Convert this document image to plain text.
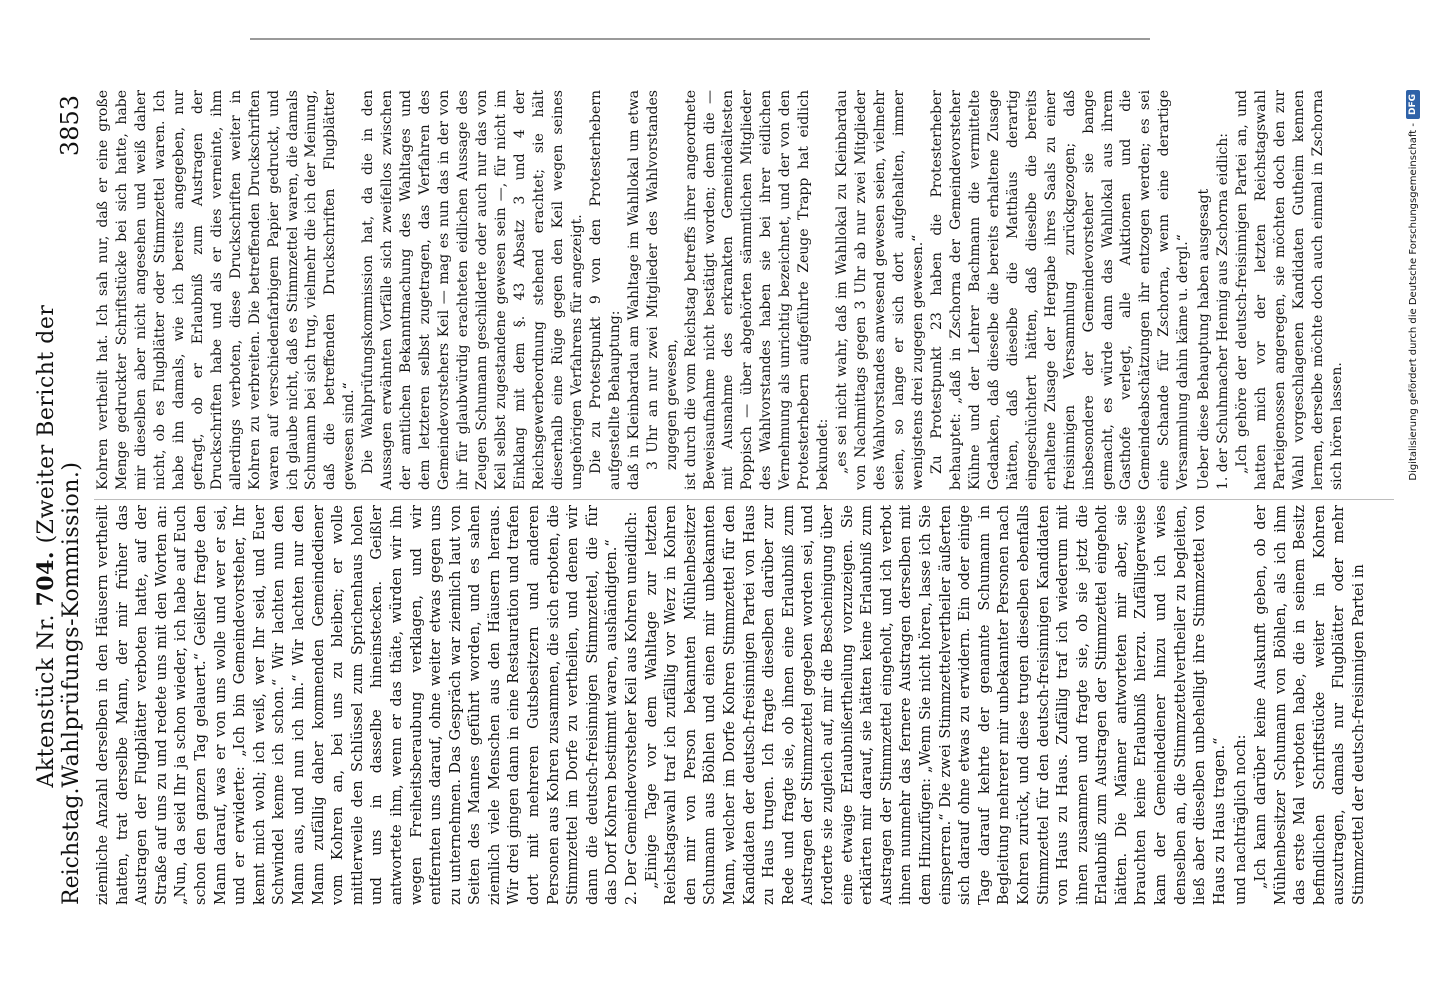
Reichstag.
Aktenstück Nr. 704. (Zweiter Bericht der Wahlprüfungs-Kommission.)
3853

ziemliche Anzahl derselben in den Häusern vertheilt hatten, trat derselbe Mann, der mir früher das Austragen der Flugblätter verboten hatte, auf der Straße auf uns zu und redete uns mit den Worten an: „Nun, da seid Ihr ja schon wieder, ich habe auf Euch schon den ganzen Tag gelauert.“ Geißler fragte den Mann darauf, was er von uns wolle und wer er sei, und er erwiderte: „Ich bin Gemeindevorsteher, Ihr kennt mich wohl; ich weiß, wer Ihr seid, und Euer Schwindel kenne ich schon.“ Wir lachten nun den Mann aus, und nun ich hin.“ Wir lachten nur den Mann zufällig daher kommenden Gemeindediener vom Kohren an, bei uns zu bleiben; er wolle mittlerweile den Schlüssel zum Sprichenhaus holen und uns in dasselbe hineinstecken. Geißler antwortete ihm, wenn er das thäte, würden wir ihn wegen Freiheitsberaubung verklagen, und wir entfernten uns darauf, ohne weiter etwas gegen uns zu unternehmen. Das Gespräch war ziemlich laut von Seiten des Mannes geführt worden, und es sahen ziemlich viele Menschen aus den Häusern heraus. Wir drei gingen dann in eine Restauration und trafen dort mit mehreren Gutsbesitzern und anderen Personen aus Kohren zusammen, die sich erboten, die Stimmzettel im Dorfe zu vertheilen, und denen wir dann die deutsch-freisinnigen Stimmzettel, die für das Dorf Kohren bestimmt waren, aushändigten.“ 2. Der Gemeindevorsteher Keil aus Kohren uneidlich: „Einige Tage vor dem Wahltage zur letzten Reichstagswahl traf ich zufällig vor Werz in Kohren den mir von Person bekannten Mühlenbesitzer Schumann aus Böhlen und einen mir unbekannten Mann, welcher im Dorfe Kohren Stimmzettel für den Kandidaten der deutsch-freisinnigen Partei von Haus zu Haus trugen. Ich fragte dieselben darüber zur Rede und fragte sie, ob ihnen eine Erlaubniß zum Austragen der Stimmzettel gegeben worden sei, und forderte sie zugleich auf, mir die Bescheinigung über eine etwaige Erlaubnißertheilung vorzuzeigen. Sie erklärten mir darauf, sie hätten keine Erlaubniß zum Austragen der Stimmzettel eingeholt, und ich verbot ihnen nunmehr das fernere Austragen derselben mit dem Hinzufügen: „Wenn Sie nicht hören, lasse ich Sie einsperren.“ Die zwei Stimmzettelvertheiler äußerten sich darauf ohne etwas zu erwidern. Ein oder einige Tage darauf kehrte der genannte Schumann in Begleitung mehrerer mir unbekannter Personen nach Kohren zurück, und diese trugen dieselben ebenfalls Stimmzettel für den deutsch-freisinnigen Kandidaten von Haus zu Haus. Zufällig traf ich wiederum mit ihnen zusammen und fragte sie, ob sie jetzt die Erlaubniß zum Austragen der Stimmzettel eingeholt hätten. Die Männer antworteten mir aber, sie brauchten keine Erlaubniß hierzu. Zufälligerweise kam der Gemeindediener hinzu und ich wies denselben an, die Stimmzettelvertheiler zu begleiten, ließ aber dieselben unbehelligt ihre Stimmzettel von Haus zu Haus tragen.“ und nachträglich noch: „Ich kann darüber keine Auskunft geben, ob der Mühlenbesitzer Schumann von Böhlen, als ich ihm das erste Mal verboten habe, die in seinem Besitz befindlichen Schriftstücke weiter in Kohren auszutragen, damals nur Flugblätter oder mehr Stimmzettel der deutsch-freisinnigen Partei in

Kohren vertheilt hat. Ich sah nur, daß er eine große Menge gedruckter Schriftstücke bei sich hatte, habe mir dieselben aber nicht angesehen und weiß daher nicht, ob es Flugblätter oder Stimmzettel waren. Ich habe ihn damals, wie ich bereits angegeben, nur gefragt, ob er Erlaubniß zum Austragen der Druckschriften habe und als er dies verneinte, ihm allerdings verboten, diese Druckschriften weiter in Kohren zu verbreiten. Die betreffenden Druckschriften waren auf verschiedenfarbigem Papier gedruckt, und ich glaube nicht, daß es Stimmzettel waren, die damals Schumann bei sich trug, vielmehr die ich der Meinung, daß die betreffenden Druckschriften Flugblätter gewesen sind.“ Die Wahlprüfungskommission hat, da die in den Aussagen erwähnten Vorfälle sich zweifellos zwischen der amtlichen Bekanntmachung des Wahltages und dem letzteren selbst zugetragen, das Verfahren des Gemeindevorstehers Keil — mag es nun das in der von ihr für glaubwürdig erachteten eidlichen Aussage des Zeugen Schumann geschilderte oder auch nur das von Keil selbst zugestandene gewesen sein —, für nicht im Einklang mit dem §. 43 Absatz 3 und 4 der Reichsgewerbeordnung stehend erachtet; sie hält dieserhalb eine Rüge gegen den Keil wegen seines ungehörigen Verfahrens für angezeigt. Die zu Protestpunkt 9 von den Protesterhebern aufgestellte Behauptung: daß in Kleinbardau am Wahltage im Wahllokal um etwa 3 Uhr an nur zwei Mitglieder des Wahlvorstandes zugegen gewesen, ist durch die vom Reichstag betreffs ihrer angeordnete Beweisaufnahme nicht bestätigt worden; denn die — mit Ausnahme des erkrankten Gemeindeältesten Poppisch — über abgehörten sämmtlichen Mitglieder des Wahlvorstandes haben sie bei ihrer eidlichen Vernehmung als unrichtig bezeichnet, und der von den Protesterhebern aufgeführte Zeuge Trapp hat eidlich bekundet: „es sei nicht wahr, daß im Wahllokal zu Kleinbardau von Nachmittags gegen 3 Uhr ab nur zwei Mitglieder des Wahlvorstandes anwesend gewesen seien, vielmehr seien, so lange er sich dort aufgehalten, immer wenigstens drei zugegen gewesen.“ Zu Protestpunkt 23 haben die Protesterheber behauptet: „daß in Zschorna der Gemeindevorsteher Kühne und der Lehrer Bachmann die vermittelte Gedanken, daß dieselbe die bereits erhaltene Zusage hätten, daß dieselbe die Matthäus derartig eingeschüchtert hätten, daß dieselbe die bereits erhaltene Zusage der Hergabe ihres Saals zu einer freisinnigen Versammlung zurückgezogen; daß insbesondere der Gemeindevorsteher sie bange gemacht, es würde dann das Wahllokal aus ihrem Gasthofe verlegt, alle Auktionen und die Gemeindeabschätzungen ihr entzogen werden; es sei eine Schande für Zschorna, wenn eine derartige Versammlung dahin käme u. dergl.“ Ueber diese Behauptung haben ausgesagt 1. der Schuhmacher Hennig aus Zschorna eidlich: „Ich gehöre der deutsch-freisinnigen Partei an, und hatten mich vor der letzten Reichstagswahl Parteigenossen angeregen, sie möchten doch den zur Wahl vorgeschlagenen Kandidaten Gutheim kennen lernen, derselbe möchte doch auch einmal in Zschorna sich hören lassen.	Digitalisierung gefördert durch die Deutsche Forschungsgemeinschaft -
DFG
